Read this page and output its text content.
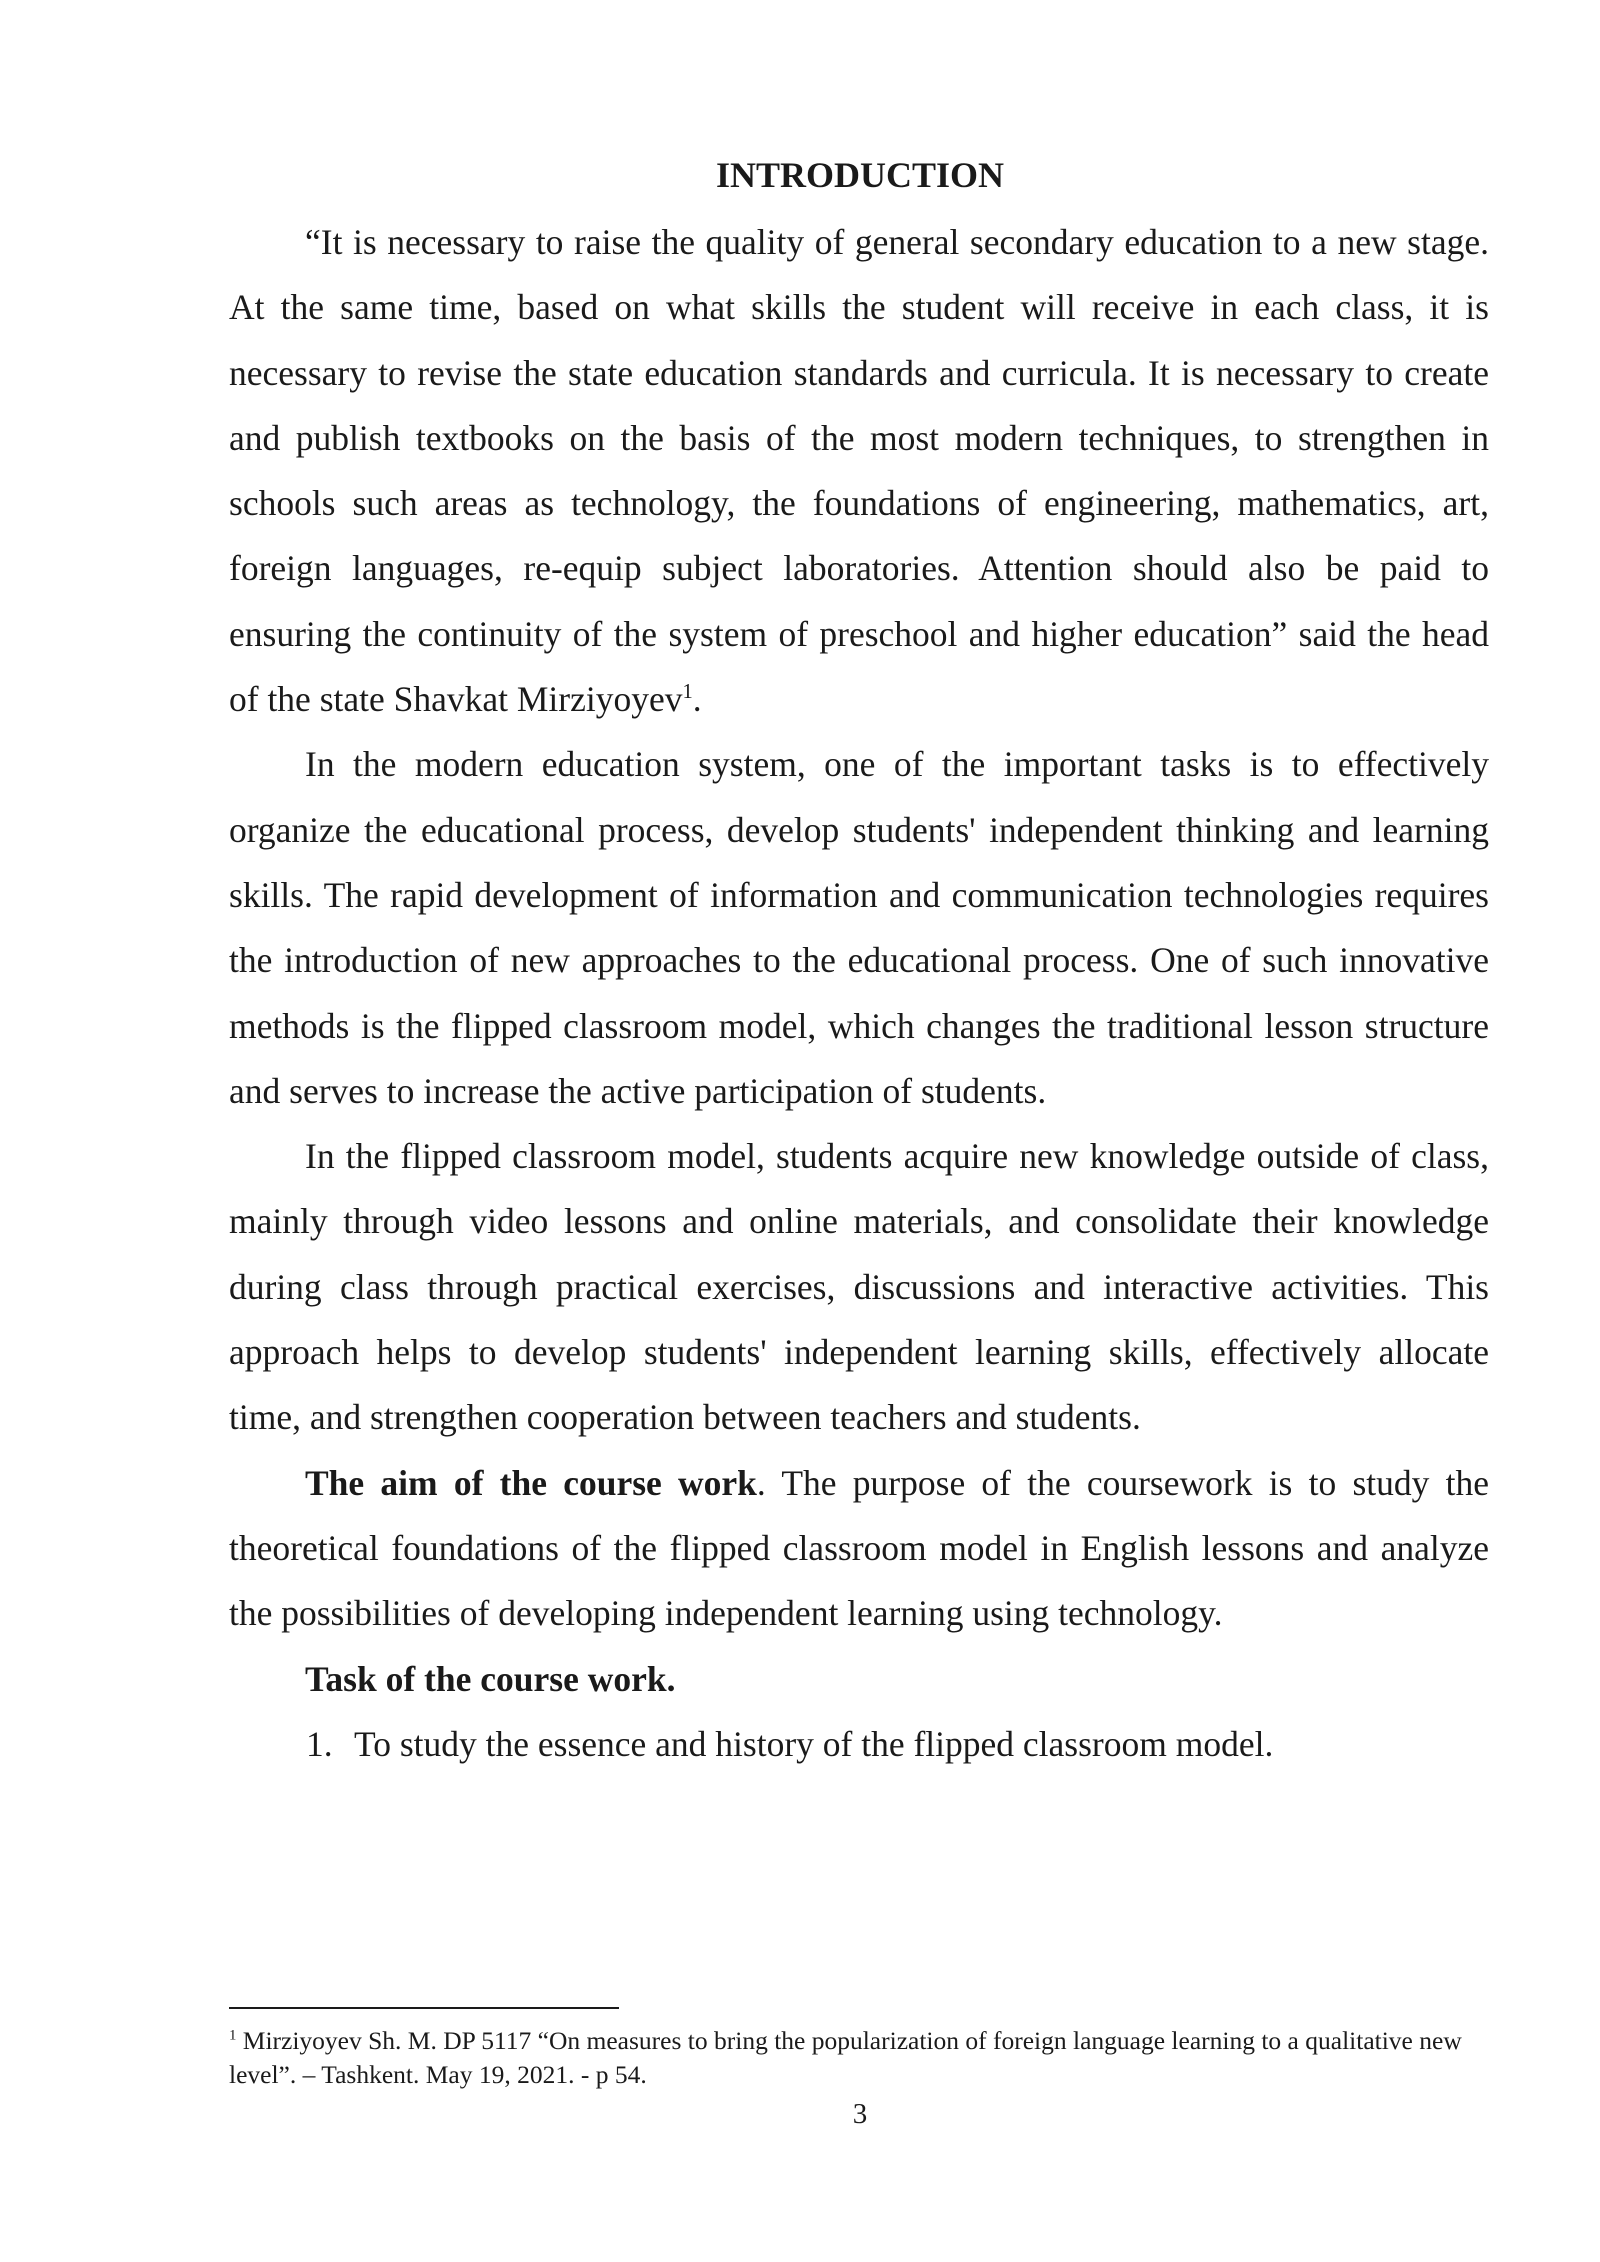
INTRODUCTION

“It is necessary to raise the quality of general secondary education to a new stage. At the same time, based on what skills the student will receive in each class, it is necessary to revise the state education standards and curricula. It is necessary to create and publish textbooks on the basis of the most modern techniques, to strengthen in schools such areas as technology, the foundations of engineering, mathematics, art, foreign languages, re-equip subject laboratories. Attention should also be paid to ensuring the continuity of the system of preschool and higher education” said the head of the state Shavkat Mirziyoyev$^1$.

In the modern education system, one of the important tasks is to effectively organize the educational process, develop students' independent thinking and learning skills. The rapid development of information and communication technologies requires the introduction of new approaches to the educational process. One of such innovative methods is the flipped classroom model, which changes the traditional lesson structure and serves to increase the active participation of students.

In the flipped classroom model, students acquire new knowledge outside of class, mainly through video lessons and online materials, and consolidate their knowledge during class through practical exercises, discussions and interactive activities. This approach helps to develop students' independent learning skills, effectively allocate time, and strengthen cooperation between teachers and students.

The aim of the course work. The purpose of the coursework is to study the theoretical foundations of the flipped classroom model in English lessons and analyze the possibilities of developing independent learning using technology.

Task of the course work.

1. To study the essence and history of the flipped classroom model.

$^1$ Mirziyoyev Sh. M. DP 5117 “On measures to bring the popularization of foreign language learning to a qualitative new level”. – Tashkent. May 19, 2021. - p 54.

3
